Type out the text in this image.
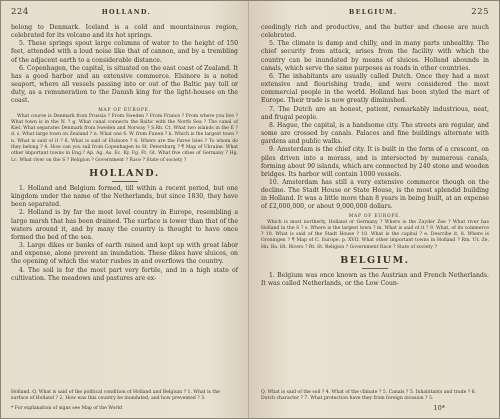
224	HOLLAND.

belong to Denmark. Iceland is a cold and mountainous region, celebrated for its volcano and its hot springs.

5. These springs spout large columns of water to the height of 150 feet, attended with a loud noise like that of cannon, and by a trembling of the adjacent earth to a considerable distance.

6. Copenhagen, the capital, is situated on the east coast of Zealand. It has a good harbor and an extensive commerce. Elsinore is a noted seaport, where all vessels passing into or out of the Baltic pay toll or duty, as a remuneration to the Danish king for the light-houses on the coast.

MAP OF EUROPE.

What course is Denmark from Prussia ? From Sweden ? From France ? From where you live ? What town is in the N. ? g. What canal connects the Baltic with the North Sea ? The canal of Kiel. What separates Denmark from Sweden and Norway ? S.Rh. Ct. What two islands in the E ? d. s. What large town on Zealand ? n. What one S. W. from Funen ? k. Which is the largest town ? n. What is said of it ? 6. What is said of Elsinore ? 6. Where are the Faroe Isles ? To whom do they belong ? 4. How can you sail from Copenhagen to St. Petersburg ? ¶ Map of Ukraine. What other important towns in Eng.? Ap. Ag. As. Ec. Ky. Fg. Ft. Gt. What five cities of Germany ? Hg. Lc. What river on the S ? Religion ? Government ? Race ? State of society ?

HOLLAND.

1. Holland and Belgium formed, till within a recent period, but one kingdom under the name of the Netherlands, but since 1830, they have been separated.

2. Holland is by far the most level country in Europe, resembling a large marsh that has been drained. The surface is lower than that of the waters around it, and by many the country is thought to have once formed the bed of the sea.

3. Large dikes or banks of earth raised and kept up with great labor and expense, alone prevent an inundation. These dikes have sluices, on the opening of which the water rushes in and overflows the country.

4. The soil is for the most part very fertile, and in a high state of cultivation. The meadows and pastures are ex-

Holland. Q. What is said of the political condition of Holland and Belgium ? 1. What is the surface of Holland ? 2. How was this country be inundated; and how prevented ? 3.
* For explanation of signs see Map of the World
BELGIUM.	225

ceedingly rich and productive, and the butter and cheese are much celebrated.

5. The climate is damp and chilly, and in many parts unhealthy. The chief security from attack, arises from the facility with which the country can be inundated by means of sluices. Holland abounds in canals, which serve the same purposes as roads in other countries.

6. The inhabitants are usually called Dutch. Once they had a most extensive and flourishing trade, and were considered the most commercial people in the world. Holland has been styled the mart of Europe. Their trade is now greatly diminished.

7. The Dutch are an honest, patient, remarkably industrious, neat, and frugal people.

8. Hague, the capital, is a handsome city. The streets are regular, and some are crossed by canals. Palaces and fine buildings alternate with gardens and public walks.

9. Amsterdam is the chief city. It is built in the form of a crescent, on piles driven into a morass, and is intersected by numerous canals, forming about 90 islands, which are connected by 240 stone and wooden bridges. Its harbor will contain 1000 vessels.

10. Amsterdam has still a very extensive commerce though on the decline. The Stadt House or State House, is the most splendid building in Holland. It was a little more than 8 years in being built, at an expense of £2,000,000, or about 9,000,000 dollars.

MAP OF EUROPE.

Which is most northerly, Holland or Germany ? Where is the Zuyder Zee ? What river has Holland in the S ? s. Where is the largest town ? m. What is said of it ? 9. What, of its commerce ? 10. What is said of the Stadt House ? 10. What is the capital ? e. Describe it. 8. Where is Groningen ? ¶ Map of C. Europe. p. XVII. What other important towns in Holland ? Rm. Ut. Ze. Hn. Ba. Ht. Rivers ? Rt. St. Religion ? Government Race ? State of society ?

BELGIUM.

1. Belgium was once known as the Austrian and French Netherlands. It was called Netherlands, or the Low Coun-

Q. What is said of the soil ? 4. What of the climate ? 5. Canals ? 5. Inhabitants and trade ? 6. Dutch character ? 7. What protection have they from foreign invasion ? 5.
10*
